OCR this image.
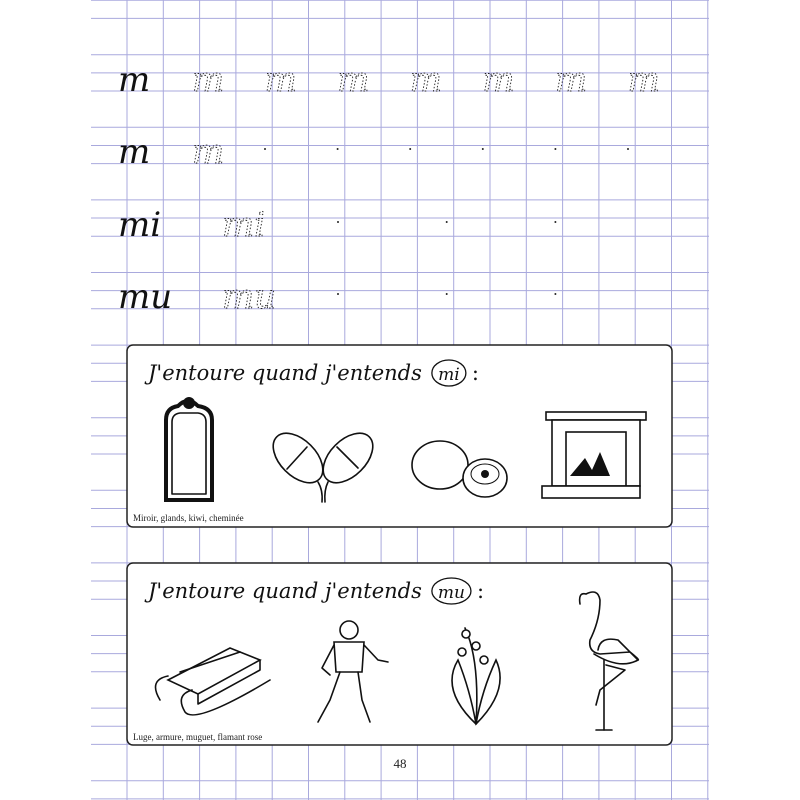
m m m m m m m m
m m
mi mi
mu mu
J'entoure quand j'entends mi :
Miroir, glands, kiwi, cheminée
J'entoure quand j'entends mu :
Luge, armure, muguet, flamant rose
48
